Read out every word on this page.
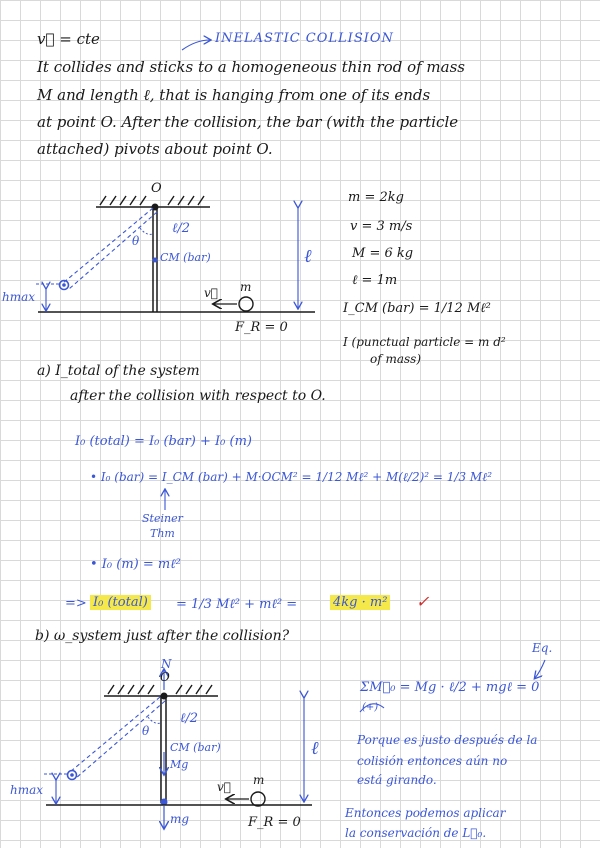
v⃗ = cte	INELASTIC COLLISION
It collides and sticks to a homogeneous thin rod of mass
M and length ℓ, that is hanging from one of its ends
at point O. After the collision, the bar (with the particle
attached) pivots about point O.
O
ℓ/2
θ
CM (bar)	ℓ
hmax
m
v⃗
F_R = 0
m = 2kg
v = 3 m/s
M = 6 kg
ℓ = 1m
I_CM (bar) = 1/12 Mℓ²
I (punctual particle = m d²
of mass)
a) I_total of the system
after the collision with respect to O.
I₀ (total) = I₀ (bar) + I₀ (m)
• I₀ (bar) = I_CM (bar) + M·OCM² = 1/12 Mℓ² + M(ℓ/2)² = 1/3 Mℓ²
Steiner
Thm
• I₀ (m) = mℓ²
=> I₀ (total) = 1/3 Mℓ² + mℓ² =	4kg · m² ✓
b) ω_system just after the collision?
Eq.
N
O
ℓ/2
θ
CM (bar)
Mg
mg
ℓ
hmax
m
v⃗
F_R = 0
ΣM⃗₀ = Mg · ℓ/2 + mgℓ = 0
(+)
Porque es justo después de la
colisión entonces aún no
está girando.
Entonces podemos aplicar
la conservación de L⃗₀.
